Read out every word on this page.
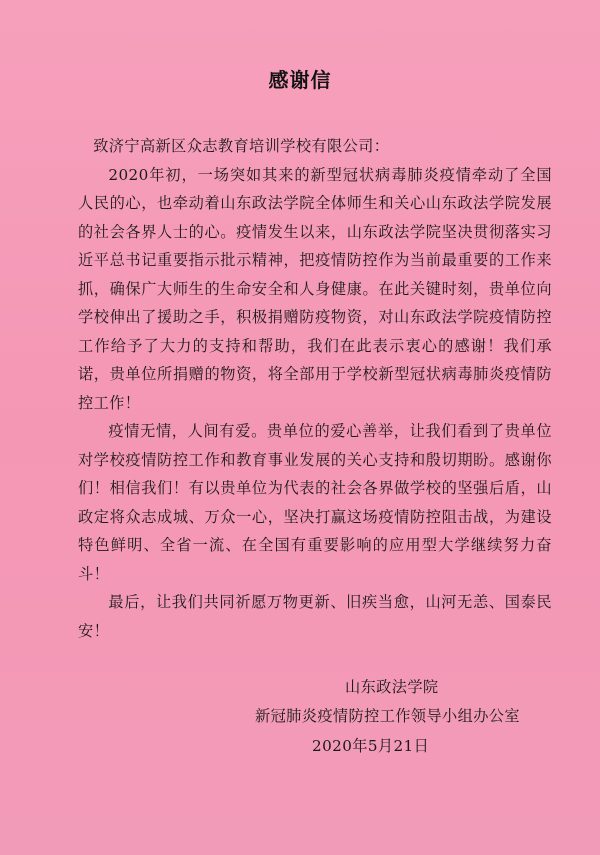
感谢信

致济宁高新区众志教育培训学校有限公司：

2020年初，一场突如其来的新型冠状病毒肺炎疫情牵动了全国人民的心，也牵动着山东政法学院全体师生和关心山东政法学院发展的社会各界人士的心。疫情发生以来，山东政法学院坚决贯彻落实习近平总书记重要指示批示精神，把疫情防控作为当前最重要的工作来抓，确保广大师生的生命安全和人身健康。在此关键时刻，贵单位向学校伸出了援助之手，积极捐赠防疫物资，对山东政法学院疫情防控工作给予了大力的支持和帮助，我们在此表示衷心的感谢！我们承诺，贵单位所捐赠的物资，将全部用于学校新型冠状病毒肺炎疫情防控工作！

疫情无情，人间有爱。贵单位的爱心善举，让我们看到了贵单位对学校疫情防控工作和教育事业发展的关心支持和殷切期盼。感谢你们！相信我们！有以贵单位为代表的社会各界做学校的坚强后盾，山政定将众志成城、万众一心，坚决打赢这场疫情防控阻击战，为建设特色鲜明、全省一流、在全国有重要影响的应用型大学继续努力奋斗！

最后，让我们共同祈愿万物更新、旧疾当愈，山河无恙、国泰民安！

山东政法学院
新冠肺炎疫情防控工作领导小组办公室
2020年5月21日
